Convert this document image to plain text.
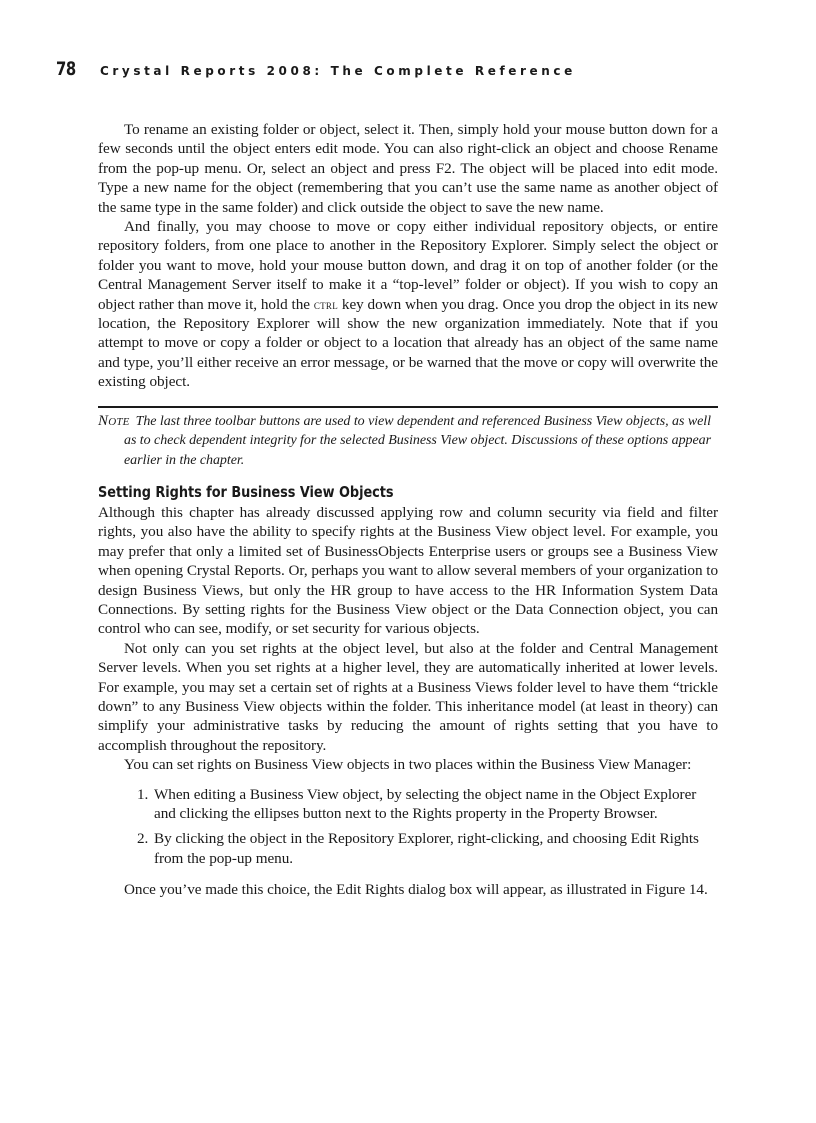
78	Crystal Reports 2008: The Complete Reference

To rename an existing folder or object, select it. Then, simply hold your mouse button down for a few seconds until the object enters edit mode. You can also right-click an object and choose Rename from the pop-up menu. Or, select an object and press F2. The object will be placed into edit mode. Type a new name for the object (remembering that you can’t use the same name as another object of the same type in the same folder) and click outside the object to save the new name.

And finally, you may choose to move or copy either individual repository objects, or entire repository folders, from one place to another in the Repository Explorer. Simply select the object or folder you want to move, hold your mouse button down, and drag it on top of another folder (or the Central Management Server itself to make it a “top-level” folder or object). If you wish to copy an object rather than move it, hold the ctrl key down when you drag. Once you drop the object in its new location, the Repository Explorer will show the new organization immediately. Note that if you attempt to move or copy a folder or object to a location that already has an object of the same name and type, you’ll either receive an error message, or be warned that the move or copy will overwrite the existing object.

Note The last three toolbar buttons are used to view dependent and referenced Business View objects, as well as to check dependent integrity for the selected Business View object. Discussions of these options appear earlier in the chapter.
Setting Rights for Business View Objects

Although this chapter has already discussed applying row and column security via field and filter rights, you also have the ability to specify rights at the Business View object level. For example, you may prefer that only a limited set of BusinessObjects Enterprise users or groups see a Business View when opening Crystal Reports. Or, perhaps you want to allow several members of your organization to design Business Views, but only the HR group to have access to the HR Information System Data Connections. By setting rights for the Business View object or the Data Connection object, you can control who can see, modify, or set security for various objects.

Not only can you set rights at the object level, but also at the folder and Central Management Server levels. When you set rights at a higher level, they are automatically inherited at lower levels. For example, you may set a certain set of rights at a Business Views folder level to have them “trickle down” to any Business View objects within the folder. This inheritance model (at least in theory) can simplify your administrative tasks by reducing the amount of rights setting that you have to accomplish throughout the repository.

You can set rights on Business View objects in two places within the Business View Manager:

1. When editing a Business View object, by selecting the object name in the Object Explorer and clicking the ellipses button next to the Rights property in the Property Browser.
2. By clicking the object in the Repository Explorer, right-clicking, and choosing Edit Rights from the pop-up menu.

Once you’ve made this choice, the Edit Rights dialog box will appear, as illustrated in Figure 14.
